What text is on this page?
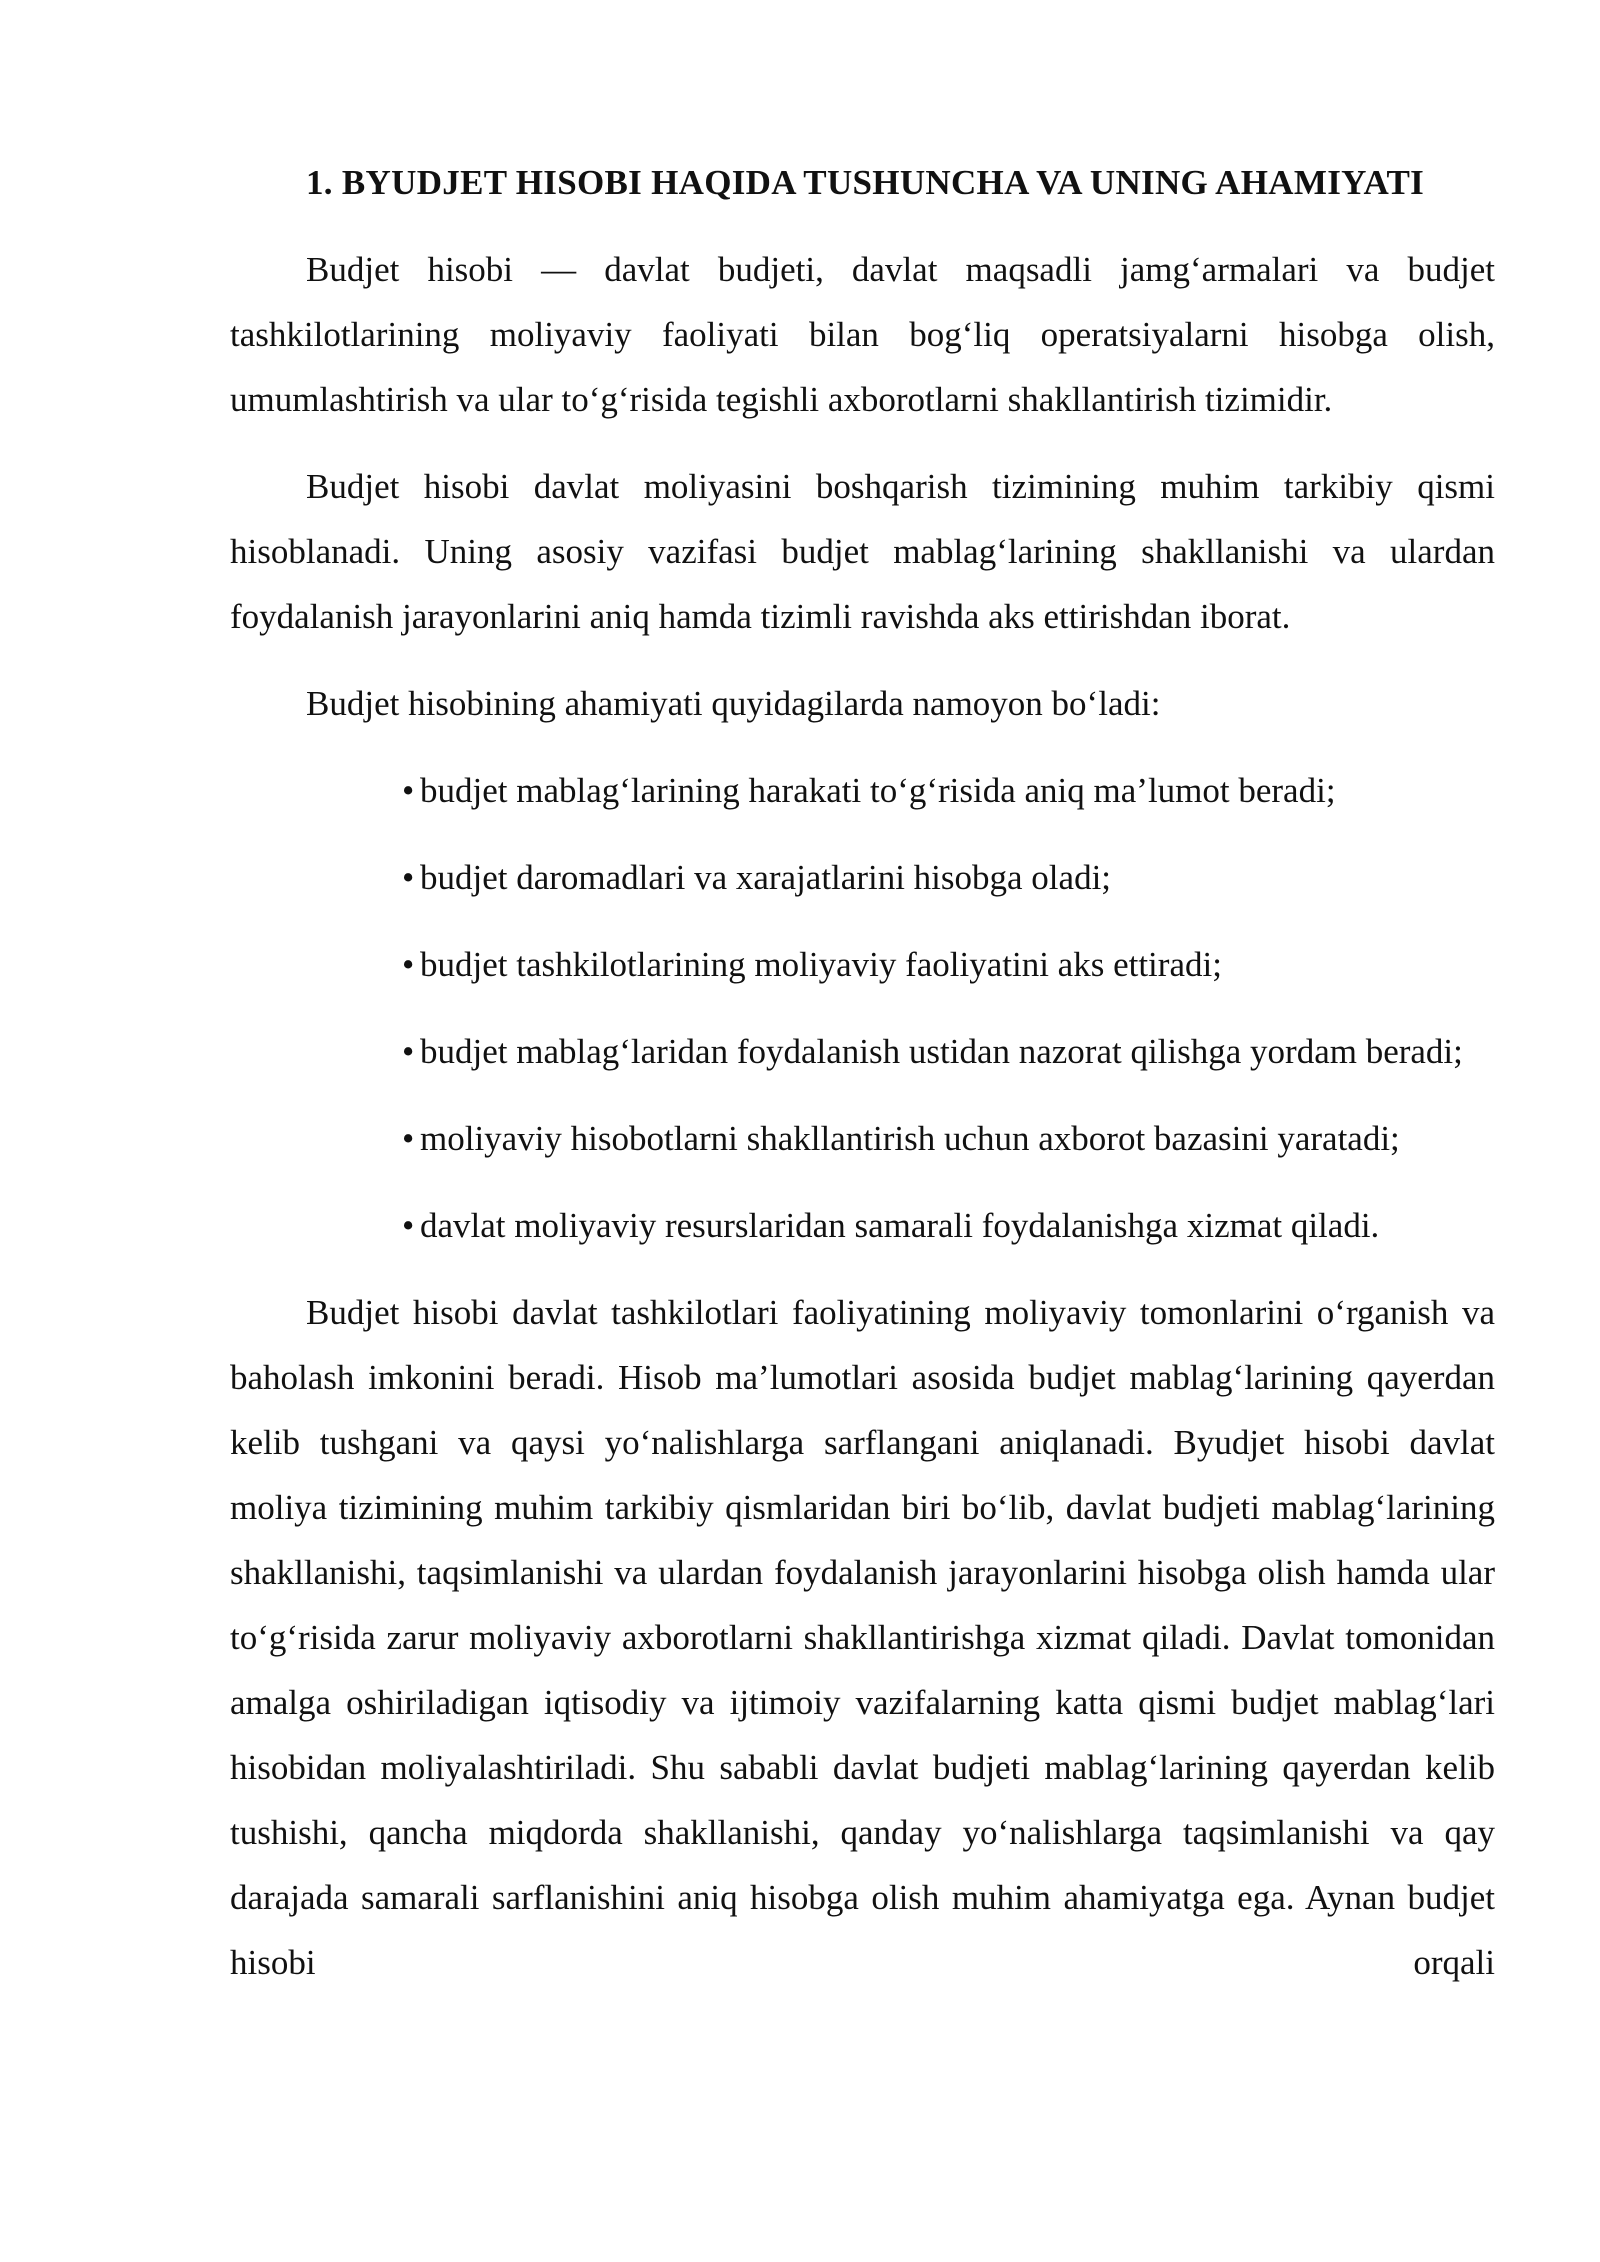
1. BYUDJET HISOBI HAQIDA TUSHUNCHA VA UNING AHAMIYATI

Budjet hisobi — davlat budjeti, davlat maqsadli jamg‘armalari va budjet tashkilotlarining moliyaviy faoliyati bilan bog‘liq operatsiyalarni hisobga olish, umumlashtirish va ular to‘g‘risida tegishli axborotlarni shakllantirish tizimidir.

Budjet hisobi davlat moliyasini boshqarish tizimining muhim tarkibiy qismi hisoblanadi. Uning asosiy vazifasi budjet mablag‘larining shakllanishi va ulardan foydalanish jarayonlarini aniq hamda tizimli ravishda aks ettirishdan iborat.

Budjet hisobining ahamiyati quyidagilarda namoyon bo‘ladi:

• budjet mablag‘larining harakati to‘g‘risida aniq ma’lumot beradi;
• budjet daromadlari va xarajatlarini hisobga oladi;
• budjet tashkilotlarining moliyaviy faoliyatini aks ettiradi;
• budjet mablag‘laridan foydalanish ustidan nazorat qilishga yordam beradi;
• moliyaviy hisobotlarni shakllantirish uchun axborot bazasini yaratadi;
• davlat moliyaviy resurslaridan samarali foydalanishga xizmat qiladi.

Budjet hisobi davlat tashkilotlari faoliyatining moliyaviy tomonlarini o‘rganish va baholash imkonini beradi. Hisob ma’lumotlari asosida budjet mablag‘larining qayerdan kelib tushgani va qaysi yo‘nalishlarga sarflangani aniqlanadi. Byudjet hisobi davlat moliya tizimining muhim tarkibiy qismlaridan biri bo‘lib, davlat budjeti mablag‘larining shakllanishi, taqsimlanishi va ulardan foydalanish jarayonlarini hisobga olish hamda ular to‘g‘risida zarur moliyaviy axborotlarni shakllantirishga xizmat qiladi. Davlat tomonidan amalga oshiriladigan iqtisodiy va ijtimoiy vazifalarning katta qismi budjet mablag‘lari hisobidan moliyalashtiriladi. Shu sababli davlat budjeti mablag‘larining qayerdan kelib tushishi, qancha miqdorda shakllanishi, qanday yo‘nalishlarga taqsimlanishi va qay darajada samarali sarflanishini aniq hisobga olish muhim ahamiyatga ega. Aynan budjet hisobi orqali
